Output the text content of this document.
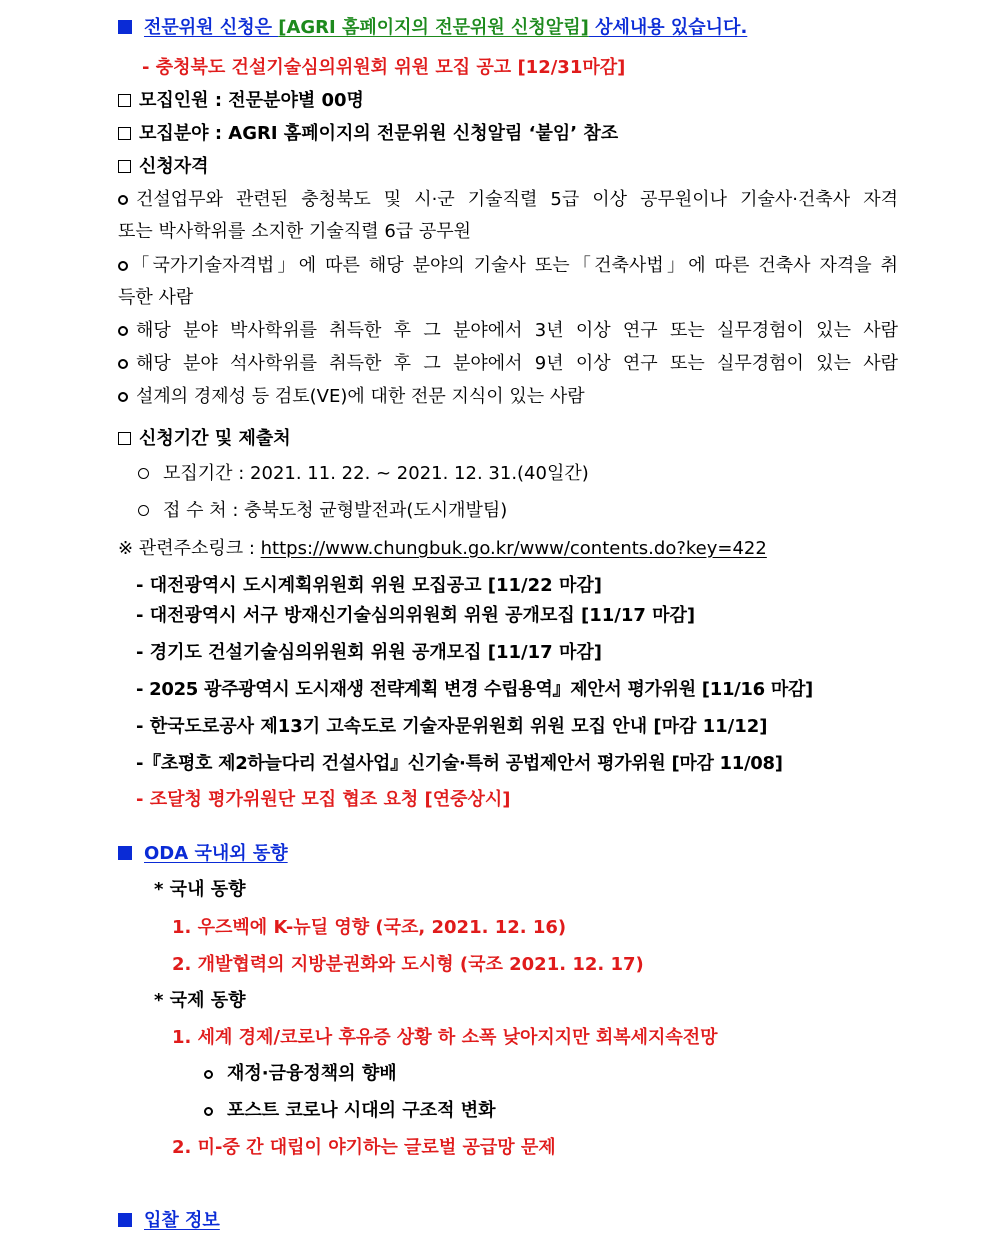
전문위원 신청은 [AGRI 홈페이지의 전문위원 신청알림] 상세내용 있습니다.
- 충청북도 건설기술심의위원회 위원 모집 공고 [12/31마감]
모집인원 : 전문분야별 00명
모집분야 : AGRI 홈페이지의 전문위원 신청알림 ‘붙임’ 참조
신청자격
건설업무와 관련된 충청북도 및 시·군 기술직렬 5급 이상 공무원이나 기술사·건축사 자격
또는 박사학위를 소지한 기술직렬 6급 공무원
「국가기술자격법」에 따른 해당 분야의 기술사 또는「건축사법」에 따른 건축사 자격을 취
득한 사람
해당 분야 박사학위를 취득한 후 그 분야에서 3년 이상 연구 또는 실무경험이 있는 사람
해당 분야 석사학위를 취득한 후 그 분야에서 9년 이상 연구 또는 실무경험이 있는 사람
설계의 경제성 등 검토(VE)에 대한 전문 지식이 있는 사람
신청기간 및 제출처
모집기간 : 2021. 11. 22. ~ 2021. 12. 31.(40일간)
접 수 처 : 충북도청 균형발전과(도시개발팀)
※ 관련주소링크 : https://www.chungbuk.go.kr/www/contents.do?key=422
- 대전광역시 도시계획위원회 위원 모집공고 [11/22 마감]
- 대전광역시 서구 방재신기술심의위원회 위원 공개모집 [11/17 마감]
- 경기도 건설기술심의위원회 위원 공개모집 [11/17 마감]
- 2025 광주광역시 도시재생 전략계획 변경 수립용역』제안서 평가위원 [11/16 마감]
- 한국도로공사 제13기 고속도로 기술자문위원회 위원 모집 안내 [마감 11/12]
-『초평호 제2하늘다리 건설사업』신기술·특허 공법제안서 평가위원 [마감 11/08]
- 조달청 평가위원단 모집 협조 요청 [연중상시]
ODA 국내외 동향
* 국내 동향
1. 우즈벡에 K-뉴딜 영향 (국조, 2021. 12. 16)
2. 개발협력의 지방분권화와 도시형 (국조 2021. 12. 17)
* 국제 동향
1. 세계 경제/코로나 후유증 상황 하 소폭 낮아지지만 회복세지속전망
재정·금융정책의 향배
포스트 코로나 시대의 구조적 변화
2. 미-중 간 대립이 야기하는 글로벌 공급망 문제
입찰 정보
